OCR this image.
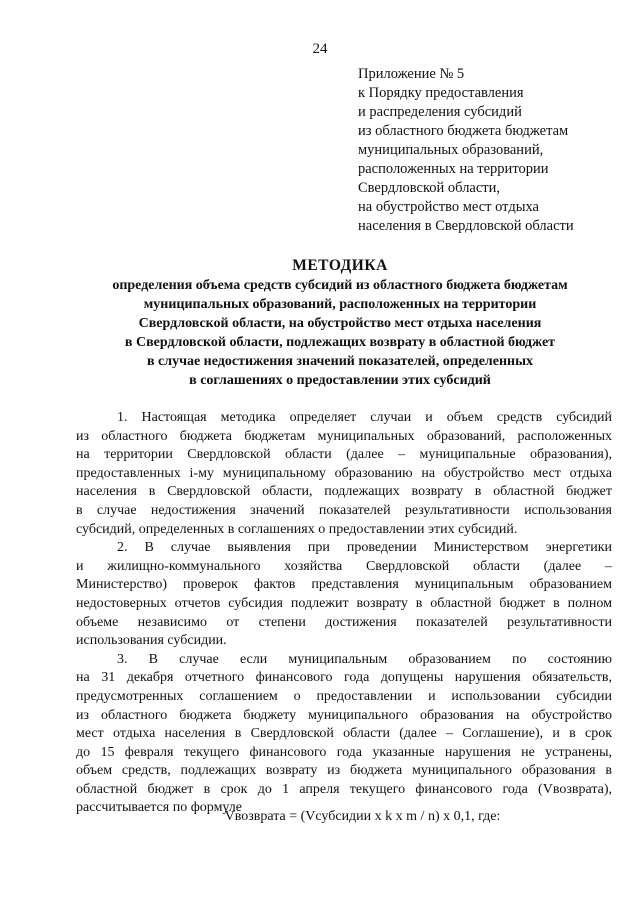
24
Приложение № 5
к Порядку предоставления
и распределения субсидий
из областного бюджета бюджетам
муниципальных образований,
расположенных на территории
Свердловской области,
на обустройство мест отдыха
населения в Свердловской области
МЕТОДИКА
определения объема средств субсидий из областного бюджета бюджетам
муниципальных образований, расположенных на территории
Свердловской области, на обустройство мест отдыха населения
в Свердловской области, подлежащих возврату в областной бюджет
в случае недостижения значений показателей, определенных
в соглашениях о предоставлении этих субсидий
1. Настоящая методика определяет случаи и объем средств субсидий
из областного бюджета бюджетам муниципальных образований, расположенных
на территории Свердловской области (далее – муниципальные образования),
предоставленных i-му муниципальному образованию на обустройство мест отдыха
населения в Свердловской области, подлежащих возврату в областной бюджет
в случае недостижения значений показателей результативности использования
субсидий, определенных в соглашениях о предоставлении этих субсидий.
2. В случае выявления при проведении Министерством энергетики
и жилищно-коммунального хозяйства Свердловской области (далее –
Министерство) проверок фактов представления муниципальным образованием
недостоверных отчетов субсидия подлежит возврату в областной бюджет в полном
объеме независимо от степени достижения показателей результативности
использования субсидии.
3. В случае если муниципальным образованием по состоянию
на 31 декабря отчетного финансового года допущены нарушения обязательств,
предусмотренных соглашением о предоставлении и использовании субсидии
из областного бюджета бюджету муниципального образования на обустройство
мест отдыха населения в Свердловской области (далее – Соглашение), и в срок
до 15 февраля текущего финансового года указанные нарушения не устранены,
объем средств, подлежащих возврату из бюджета муниципального образования в
областной бюджет в срок до 1 апреля текущего финансового года (Vвозврата),
рассчитывается по формуле
Vвозврата = (Vсубсидии x k x m / n) x 0,1, где:
